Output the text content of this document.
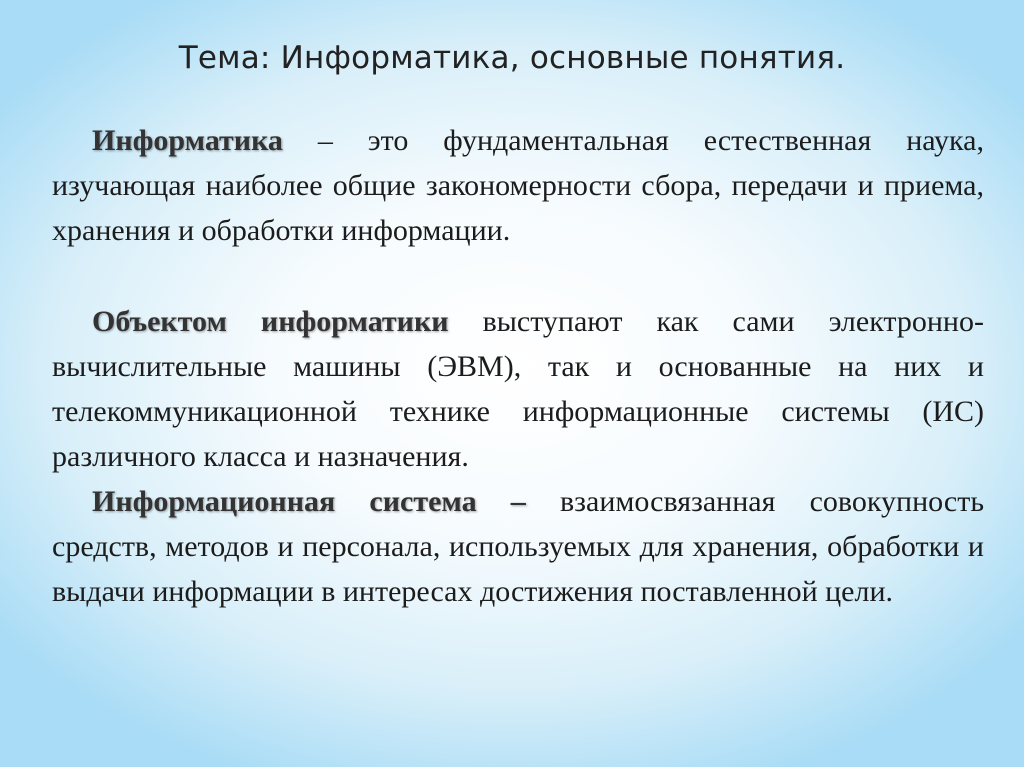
Тема: Информатика, основные понятия.

Информатика – это фундаментальная естественная наука, изучающая наиболее общие закономерности сбора, передачи и приема, хранения и обработки информации.

Объектом информатики выступают как сами электронно-вычислительные машины (ЭВМ), так и основанные на них и телекоммуникационной технике информационные системы (ИС) различного класса и назначения.

Информационная система – взаимосвязанная совокупность средств, методов и персонала, используемых для хранения, обработки и выдачи информации в интересах достижения поставленной цели.
